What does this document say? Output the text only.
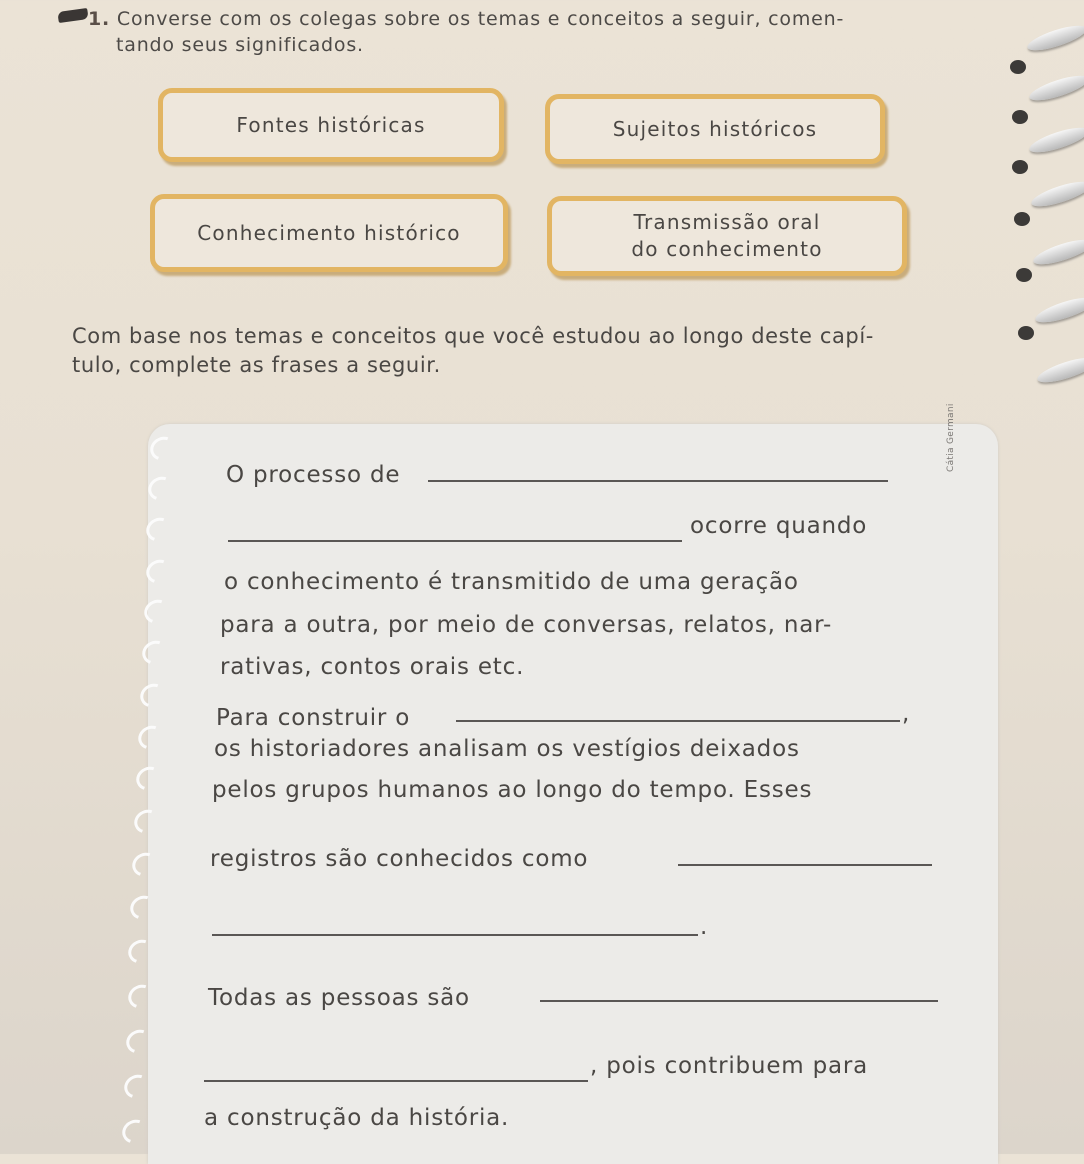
1. Converse com os colegas sobre os temas e conceitos a seguir, comen-
tando seus significados.
Fontes históricas	Sujeitos históricos
Conhecimento histórico	Transmissão oral
do conhecimento
Com base nos temas e conceitos que você estudou ao longo deste capí-
tulo, complete as frases a seguir.
Cátia Germani
O processo de
ocorre quando
o conhecimento é transmitido de uma geração
para a outra, por meio de conversas, relatos, nar-
rativas, contos orais etc.
Para construir o	,
os historiadores analisam os vestígios deixados
pelos grupos humanos ao longo do tempo. Esses
registros são conhecidos como
.
Todas as pessoas são
, pois contribuem para
a construção da história.
